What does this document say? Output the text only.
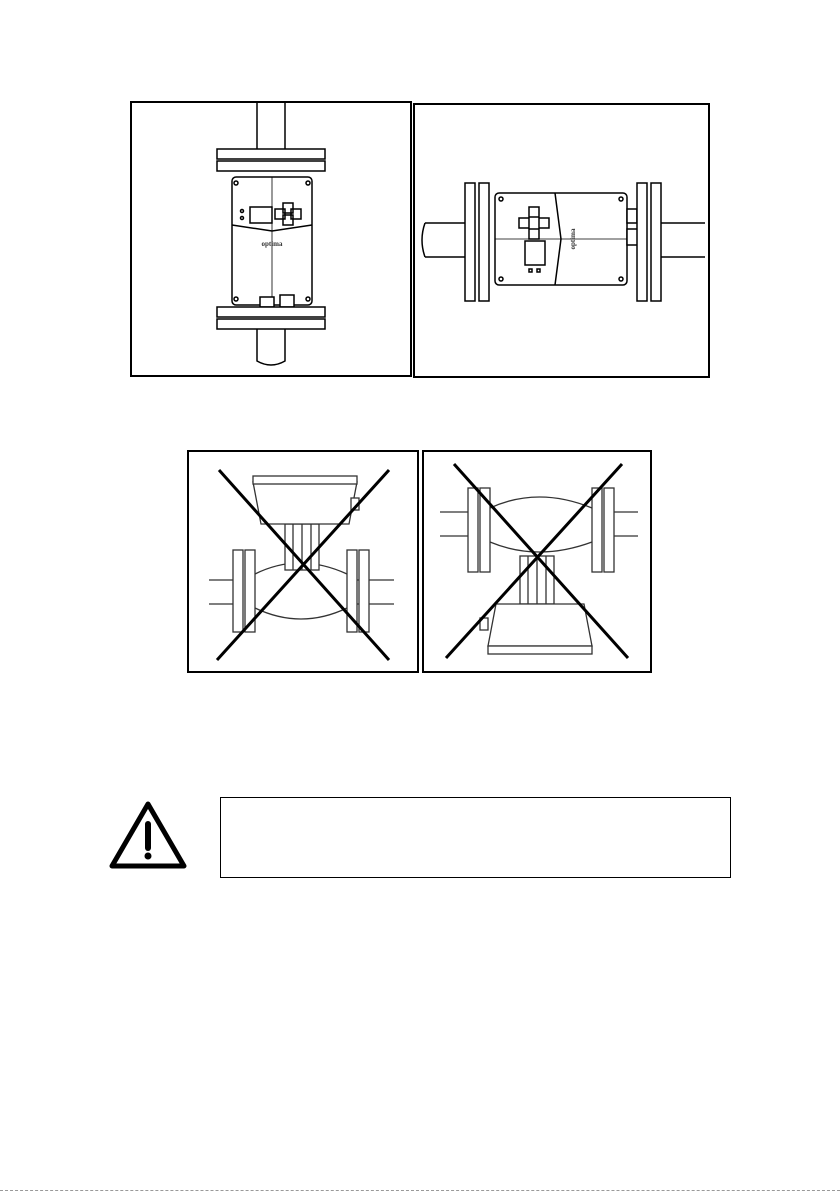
optima	optima
